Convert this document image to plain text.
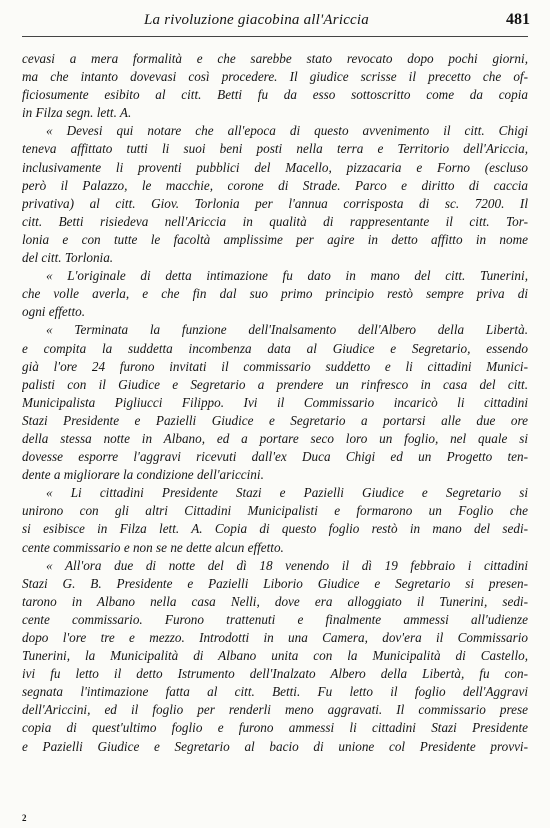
La rivoluzione giacobina all'Ariccia	481
cevasi a mera formalità e che sarebbe stato revocato dopo pochi giorni,
ma che intanto dovevasi così procedere. Il giudice scrisse il precetto che of-
ficiosumente esibito al citt. Betti fu da esso sottoscritto come da copia
in Filza segn. lett. A.
« Devesi qui notare che all'epoca di questo avvenimento il citt. Chigi
teneva affittato tutti li suoi beni posti nella terra e Territorio dell'Ariccia,
inclusivamente li proventi pubblici del Macello, pizzacaria e Forno (escluso
però il Palazzo, le macchie, corone di Strade. Parco e diritto di caccia
privativa) al citt. Giov. Torlonia per l'annua corrisposta di sc. 7200. Il
citt. Betti risiedeva nell'Ariccia in qualità di rappresentante il citt. Tor-
lonia e con tutte le facoltà amplissime per agire in detto affitto in nome
del citt. Torlonia.
« L'originale di detta intimazione fu dato in mano del citt. Tunerini,
che volle averla, e che fin dal suo primo principio restò sempre priva di
ogni effetto.
« Terminata la funzione dell'Inalsamento dell'Albero della Libertà.
e compita la suddetta incombenza data al Giudice e Segretario, essendo
già l'ore 24 furono invitati il commissario suddetto e li cittadini Munici-
palisti con il Giudice e Segretario a prendere un rinfresco in casa del citt.
Municipalista Pigliucci Filippo. Ivi il Commissario incaricò li cittadini
Stazi Presidente e Pazielli Giudice e Segretario a portarsi alle due ore
della stessa notte in Albano, ed a portare seco loro un foglio, nel quale si
dovesse esporre l'aggravi ricevuti dall'ex Duca Chigi ed un Progetto ten-
dente a migliorare la condizione dell'ariccini.
« Li cittadini Presidente Stazi e Pazielli Giudice e Segretario si
unirono con gli altri Cittadini Municipalisti e formarono un Foglio che
si esibisce in Filza lett. A. Copia di questo foglio restò in mano del sedi-
cente commissario e non se ne dette alcun effetto.
« All'ora due di notte del dì 18 venendo il dì 19 febbraio i cittadini
Stazi G. B. Presidente e Pazielli Liborio Giudice e Segretario si presen-
tarono in Albano nella casa Nelli, dove era alloggiato il Tunerini, sedi-
cente commissario. Furono trattenuti e finalmente ammessi all'udienze
dopo l'ore tre e mezzo. Introdotti in una Camera, dov'era il Commissario
Tunerini, la Municipalità di Albano unita con la Municipalità di Castello,
ivi fu letto il detto Istrumento dell'Inalzato Albero della Libertà, fu con-
segnata l'intimazione fatta al citt. Betti. Fu letto il foglio dell'Aggravi
dell'Ariccini, ed il foglio per renderli meno aggravati. Il commissario prese
copia di quest'ultimo foglio e furono ammessi li cittadini Stazi Presidente
e Pazielli Giudice e Segretario al bacio di unione col Presidente provvi-
2
